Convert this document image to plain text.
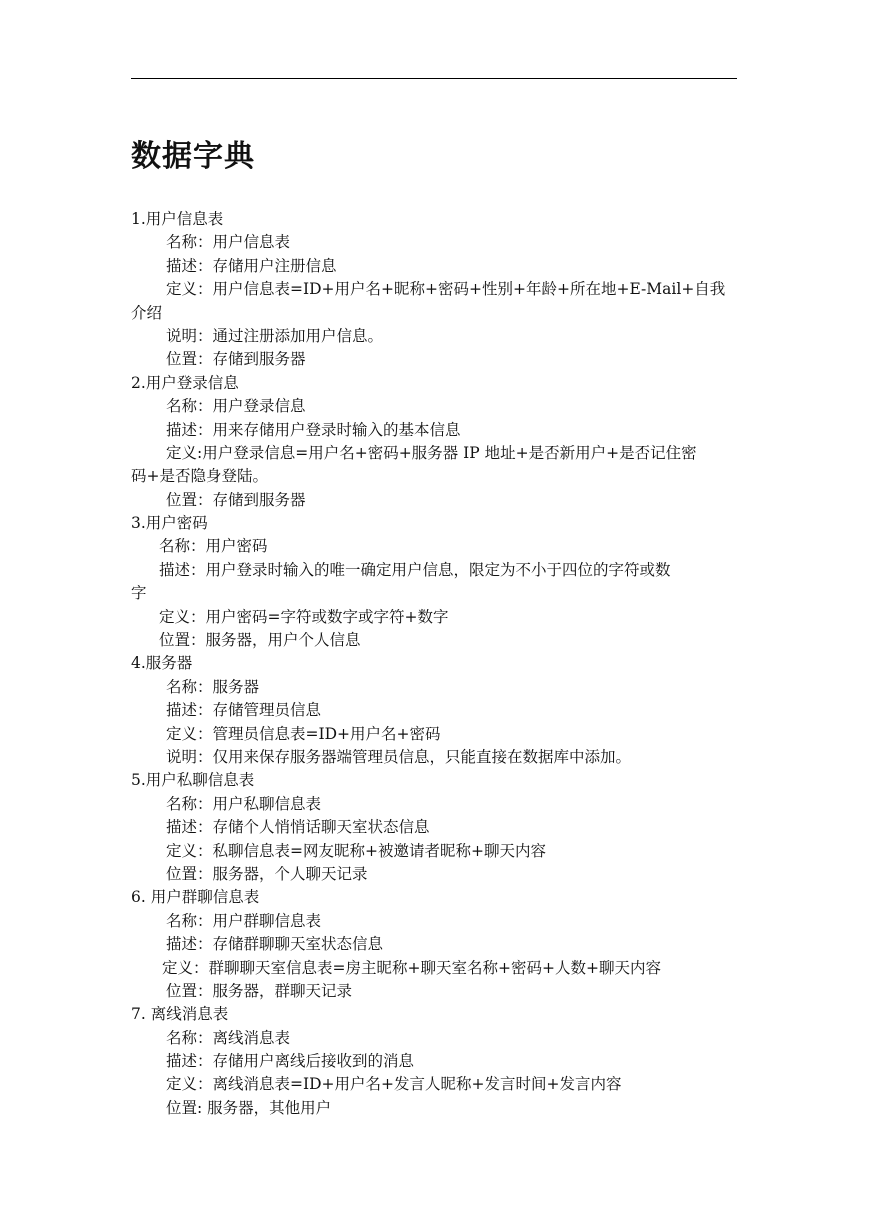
数据字典
1.用户信息表
名称：用户信息表
描述：存储用户注册信息
定义：用户信息表=ID+用户名+昵称+密码+性别+年龄+所在地+E-Mail+自我
介绍
说明：通过注册添加用户信息。
位置：存储到服务器
2.用户登录信息
名称：用户登录信息
描述：用来存储用户登录时输入的基本信息
定义:用户登录信息=用户名+密码+服务器 IP 地址+是否新用户+是否记住密
码+是否隐身登陆。
位置：存储到服务器
3.用户密码
名称：用户密码
描述：用户登录时输入的唯一确定用户信息，限定为不小于四位的字符或数
字
定义：用户密码=字符或数字或字符+数字
位置：服务器，用户个人信息
4.服务器
名称：服务器
描述：存储管理员信息
定义：管理员信息表=ID+用户名+密码
说明：仅用来保存服务器端管理员信息，只能直接在数据库中添加。
5.用户私聊信息表
名称：用户私聊信息表
描述：存储个人悄悄话聊天室状态信息
定义：私聊信息表=网友昵称+被邀请者昵称+聊天内容
位置：服务器，个人聊天记录
6. 用户群聊信息表
名称：用户群聊信息表
描述：存储群聊聊天室状态信息
定义：群聊聊天室信息表=房主昵称+聊天室名称+密码+人数+聊天内容
位置：服务器，群聊天记录
7. 离线消息表
名称：离线消息表
描述：存储用户离线后接收到的消息
定义：离线消息表=ID+用户名+发言人昵称+发言时间+发言内容
位置: 服务器，其他用户
